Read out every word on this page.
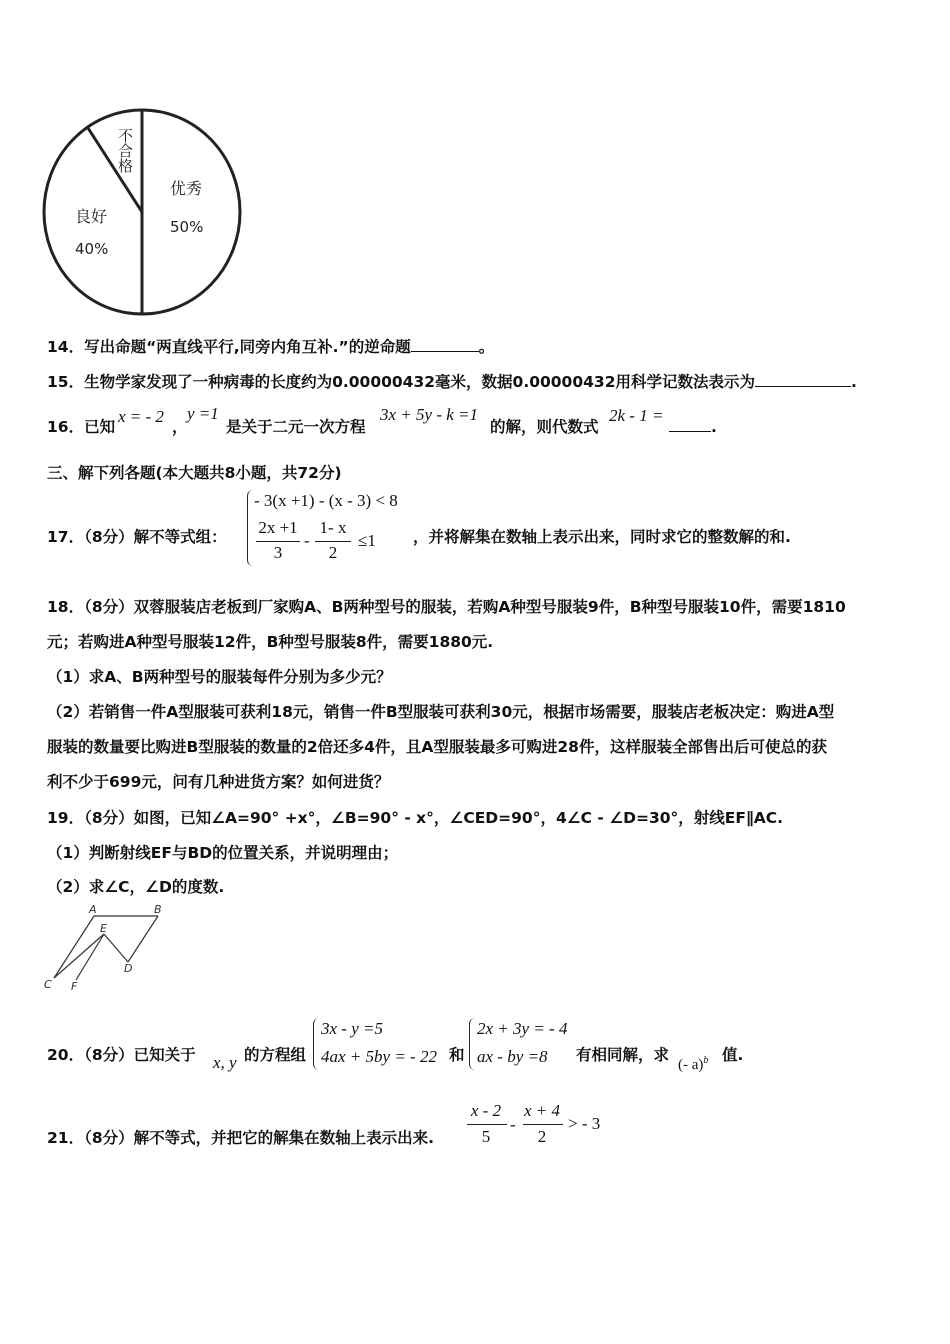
不合格
优秀
50%
良好
40%
14．写出命题“两直线平行,同旁内角互补.”的逆命题	。
15．生物学家发现了一种病毒的长度约为0.00000432毫米，数据0.00000432用科学记数法表示为	.
16．已知
x = - 2
，
y =1
是关于二元一次方程
3x + 5y - k =1
的解，则代数式
2k - 1 =
.
三、解下列各题(本大题共8小题，共72分)
- 3(x +1) - (x - 3) < 8
2x +1
3
-
1- x
2
≤1
17．（8分）解不等式组：	，并将解集在数轴上表示出来，同时求它的整数解的和.
18．（8分）双蓉服装店老板到厂家购A、B两种型号的服装，若购A种型号服装9件，B种型号服装10件，需要1810
元；若购进A种型号服装12件，B种型号服装8件，需要1880元.
（1）求A、B两种型号的服装每件分别为多少元？
（2）若销售一件A型服装可获利18元，销售一件B型服装可获利30元，根据市场需要，服装店老板决定：购进A型
服装的数量要比购进B型服装的数量的2倍还多4件，且A型服装最多可购进28件，这样服装全部售出后可使总的获
利不少于699元，问有几种进货方案？如何进货？
19．（8分）如图，已知∠A=90° +x°，∠B=90° - x°，∠CED=90°，4∠C - ∠D=30°，射线EF∥AC.
（1）判断射线EF与BD的位置关系，并说明理由；
（2）求∠C，∠D的度数.
A	B
E
D
C F
20．（8分）已知关于 x, y 的方程组
3x - y =5
4ax + 5by = - 22 和
2x + 3y = - 4
ax - by =8 有相同解，求
(- a)$^b$ 值.
21．（8分）解不等式，并把它的解集在数轴上表示出来.
x - 2
5
-
x + 4
2
> - 3
